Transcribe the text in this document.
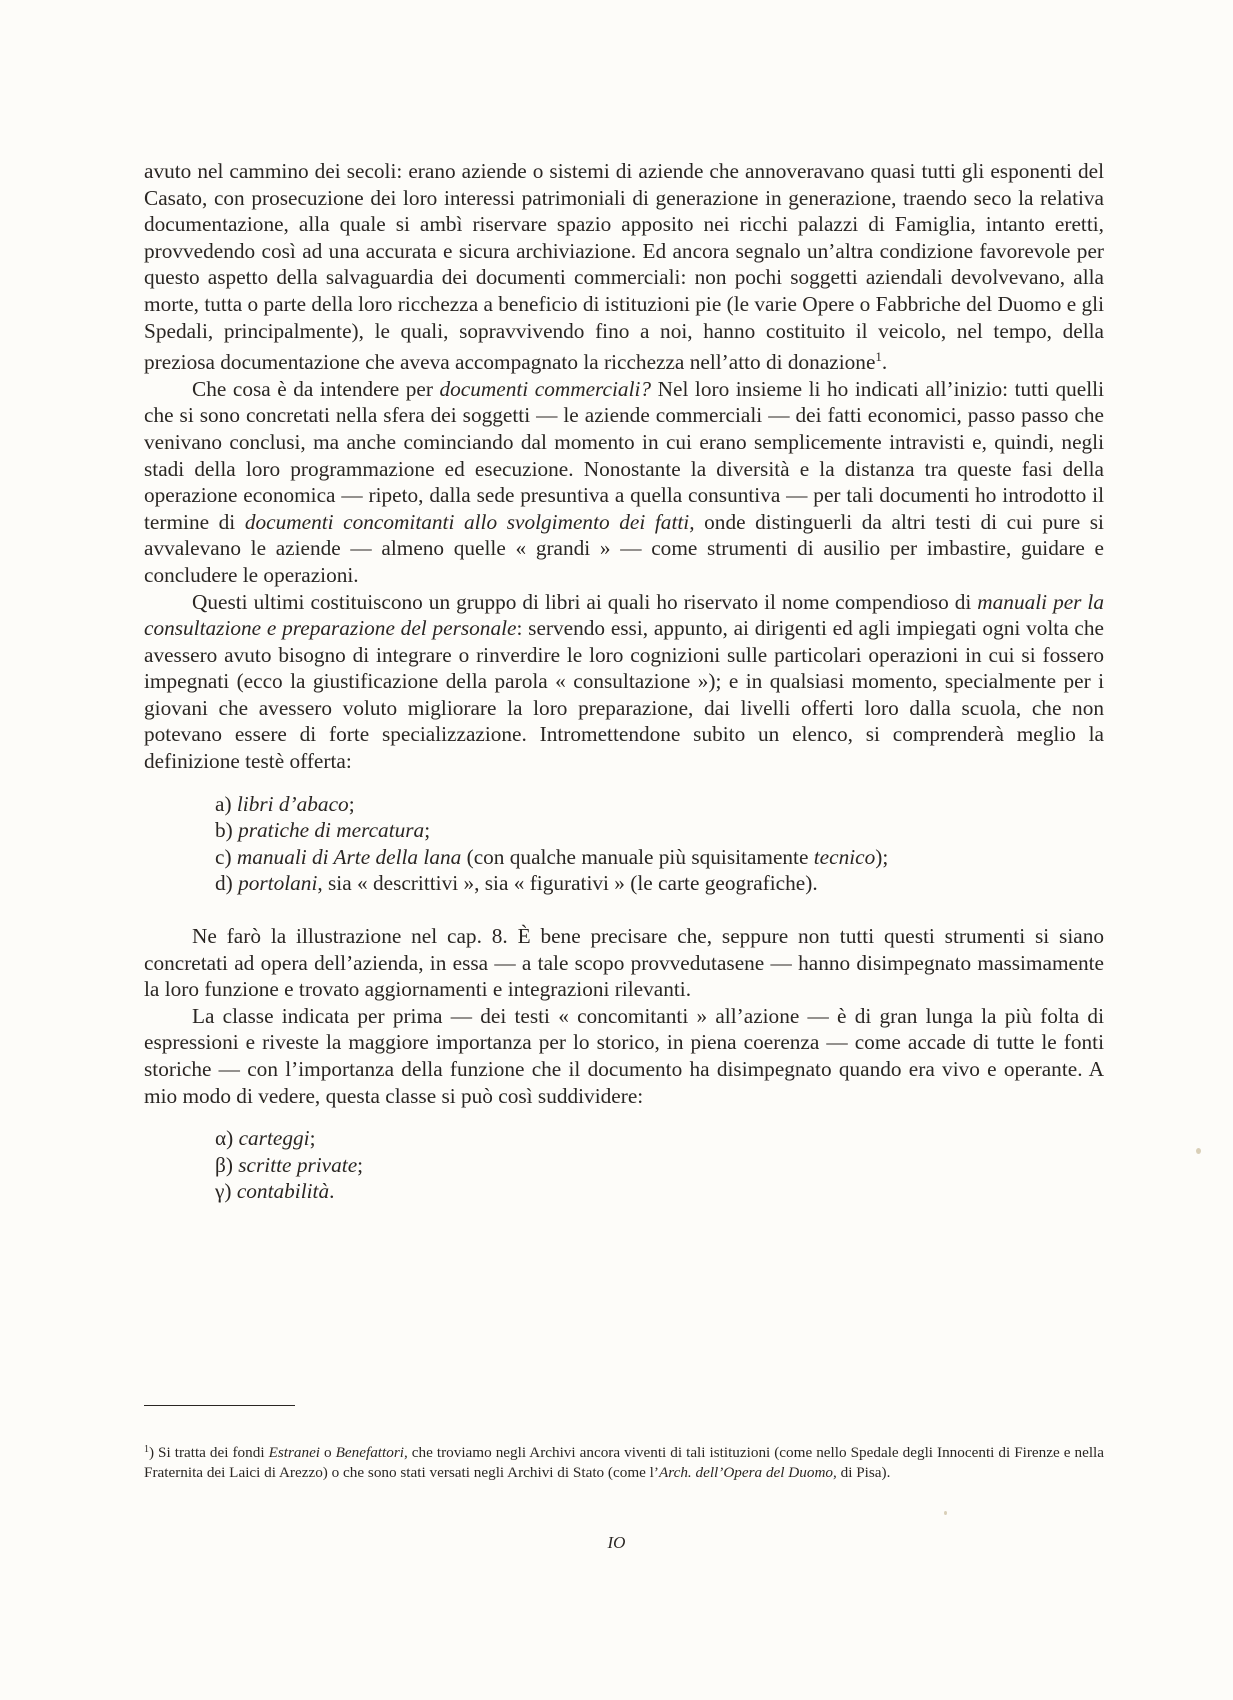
avuto nel cammino dei secoli: erano aziende o sistemi di aziende che annoveravano quasi tutti gli esponenti del Casato, con prosecuzione dei loro interessi patrimoniali di generazione in generazione, traendo seco la relativa documentazione, alla quale si ambì riservare spazio apposito nei ricchi palazzi di Famiglia, intanto eretti, provvedendo così ad una accurata e sicura archiviazione. Ed ancora segnalo un’altra condizione favorevole per questo aspetto della salvaguardia dei documenti commerciali: non pochi soggetti aziendali devolvevano, alla morte, tutta o parte della loro ricchezza a beneficio di istituzioni pie (le varie Opere o Fabbriche del Duomo e gli Spedali, principalmente), le quali, sopravvivendo fino a noi, hanno costituito il veicolo, nel tempo, della preziosa documentazione che aveva accompagnato la ricchezza nell’atto di donazione$^1$.

Che cosa è da intendere per documenti commerciali? Nel loro insieme li ho indicati all’inizio: tutti quelli che si sono concretati nella sfera dei soggetti — le aziende commerciali — dei fatti economici, passo passo che venivano conclusi, ma anche cominciando dal momento in cui erano semplicemente intravisti e, quindi, negli stadi della loro programmazione ed esecuzione. Nonostante la diversità e la distanza tra queste fasi della operazione economica — ripeto, dalla sede presuntiva a quella consuntiva — per tali documenti ho introdotto il termine di documenti concomitanti allo svolgimento dei fatti, onde distinguerli da altri testi di cui pure si avvalevano le aziende — almeno quelle « grandi » — come strumenti di ausilio per imbastire, guidare e concludere le operazioni.

Questi ultimi costituiscono un gruppo di libri ai quali ho riservato il nome compendioso di manuali per la consultazione e preparazione del personale: servendo essi, appunto, ai dirigenti ed agli impiegati ogni volta che avessero avuto bisogno di integrare o rinverdire le loro cognizioni sulle particolari operazioni in cui si fossero impegnati (ecco la giustificazione della parola « consultazione »); e in qualsiasi momento, specialmente per i giovani che avessero voluto migliorare la loro preparazione, dai livelli offerti loro dalla scuola, che non potevano essere di forte specializzazione. Intromettendone subito un elenco, si comprenderà meglio la definizione testè offerta:

a) libri d’abaco;
b) pratiche di mercatura;
c) manuali di Arte della lana (con qualche manuale più squisitamente tecnico);
d) portolani, sia « descrittivi », sia « figurativi » (le carte geografiche).

Ne farò la illustrazione nel cap. 8. È bene precisare che, seppure non tutti questi strumenti si siano concretati ad opera dell’azienda, in essa — a tale scopo provvedutasene — hanno disimpegnato massimamente la loro funzione e trovato aggiornamenti e integrazioni rilevanti.

La classe indicata per prima — dei testi « concomitanti » all’azione — è di gran lunga la più folta di espressioni e riveste la maggiore importanza per lo storico, in piena coerenza — come accade di tutte le fonti storiche — con l’importanza della funzione che il documento ha disimpegnato quando era vivo e operante. A mio modo di vedere, questa classe si può così suddividere:

α) carteggi;
β) scritte private;
γ) contabilità.
$^1$) Si tratta dei fondi Estranei o Benefattori, che troviamo negli Archivi ancora viventi di tali istituzioni (come nello Spedale degli Innocenti di Firenze e nella Fraternita dei Laici di Arezzo) o che sono stati versati negli Archivi di Stato (come l’Arch. dell’Opera del Duomo, di Pisa).
IO
